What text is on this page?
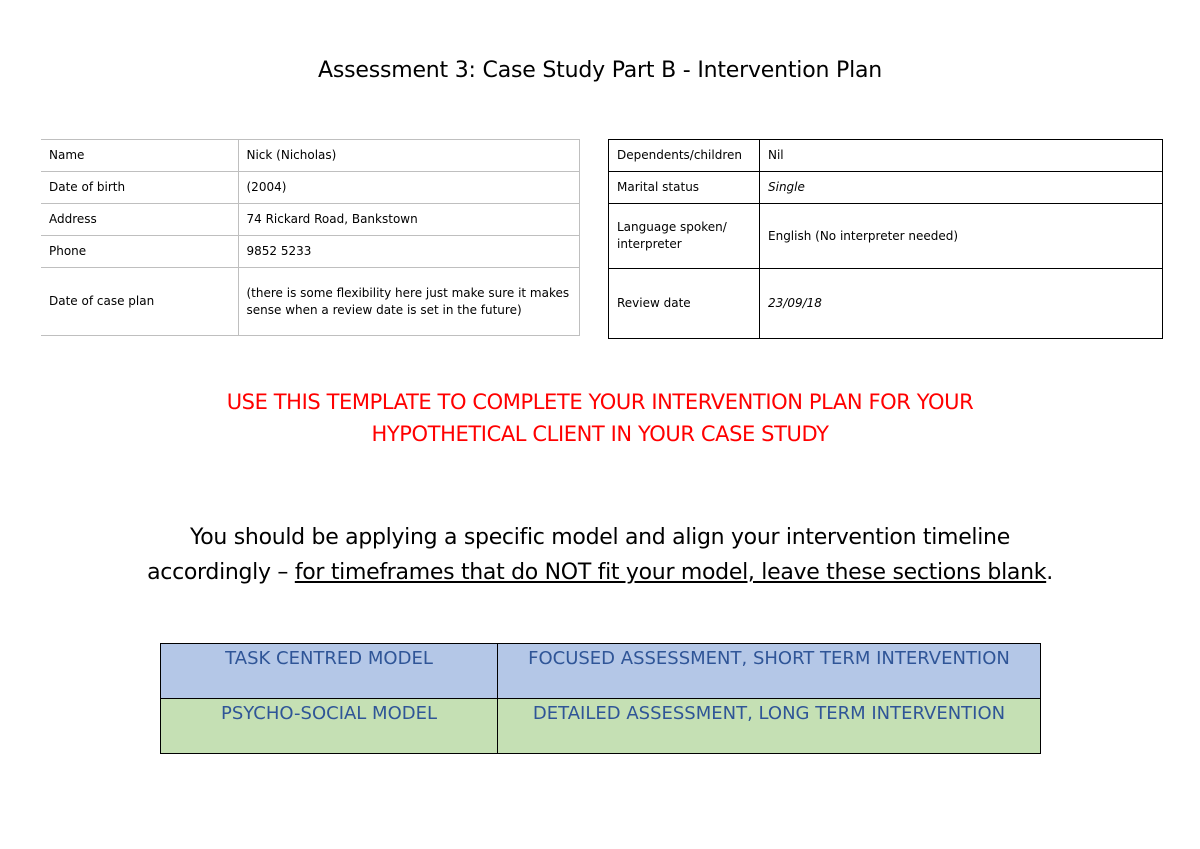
Assessment 3: Case Study Part B - Intervention Plan
Name	Nick (Nicholas)
Date of birth	(2004)
Address	74 Rickard Road, Bankstown
Phone	9852 5233
Date of case plan	(there is some flexibility here just make sure it makes sense when a review date is set in the future)
Dependents/children	Nil
Marital status	Single
Language spoken/ interpreter	English (No interpreter needed)
Review date	23/09/18
USE THIS TEMPLATE TO COMPLETE YOUR INTERVENTION PLAN FOR YOUR
HYPOTHETICAL CLIENT IN YOUR CASE STUDY
You should be applying a specific model and align your intervention timeline
accordingly – for timeframes that do NOT fit your model, leave these sections blank.
TASK CENTRED MODEL	FOCUSED ASSESSMENT, SHORT TERM INTERVENTION
PSYCHO-SOCIAL MODEL	DETAILED ASSESSMENT, LONG TERM INTERVENTION
